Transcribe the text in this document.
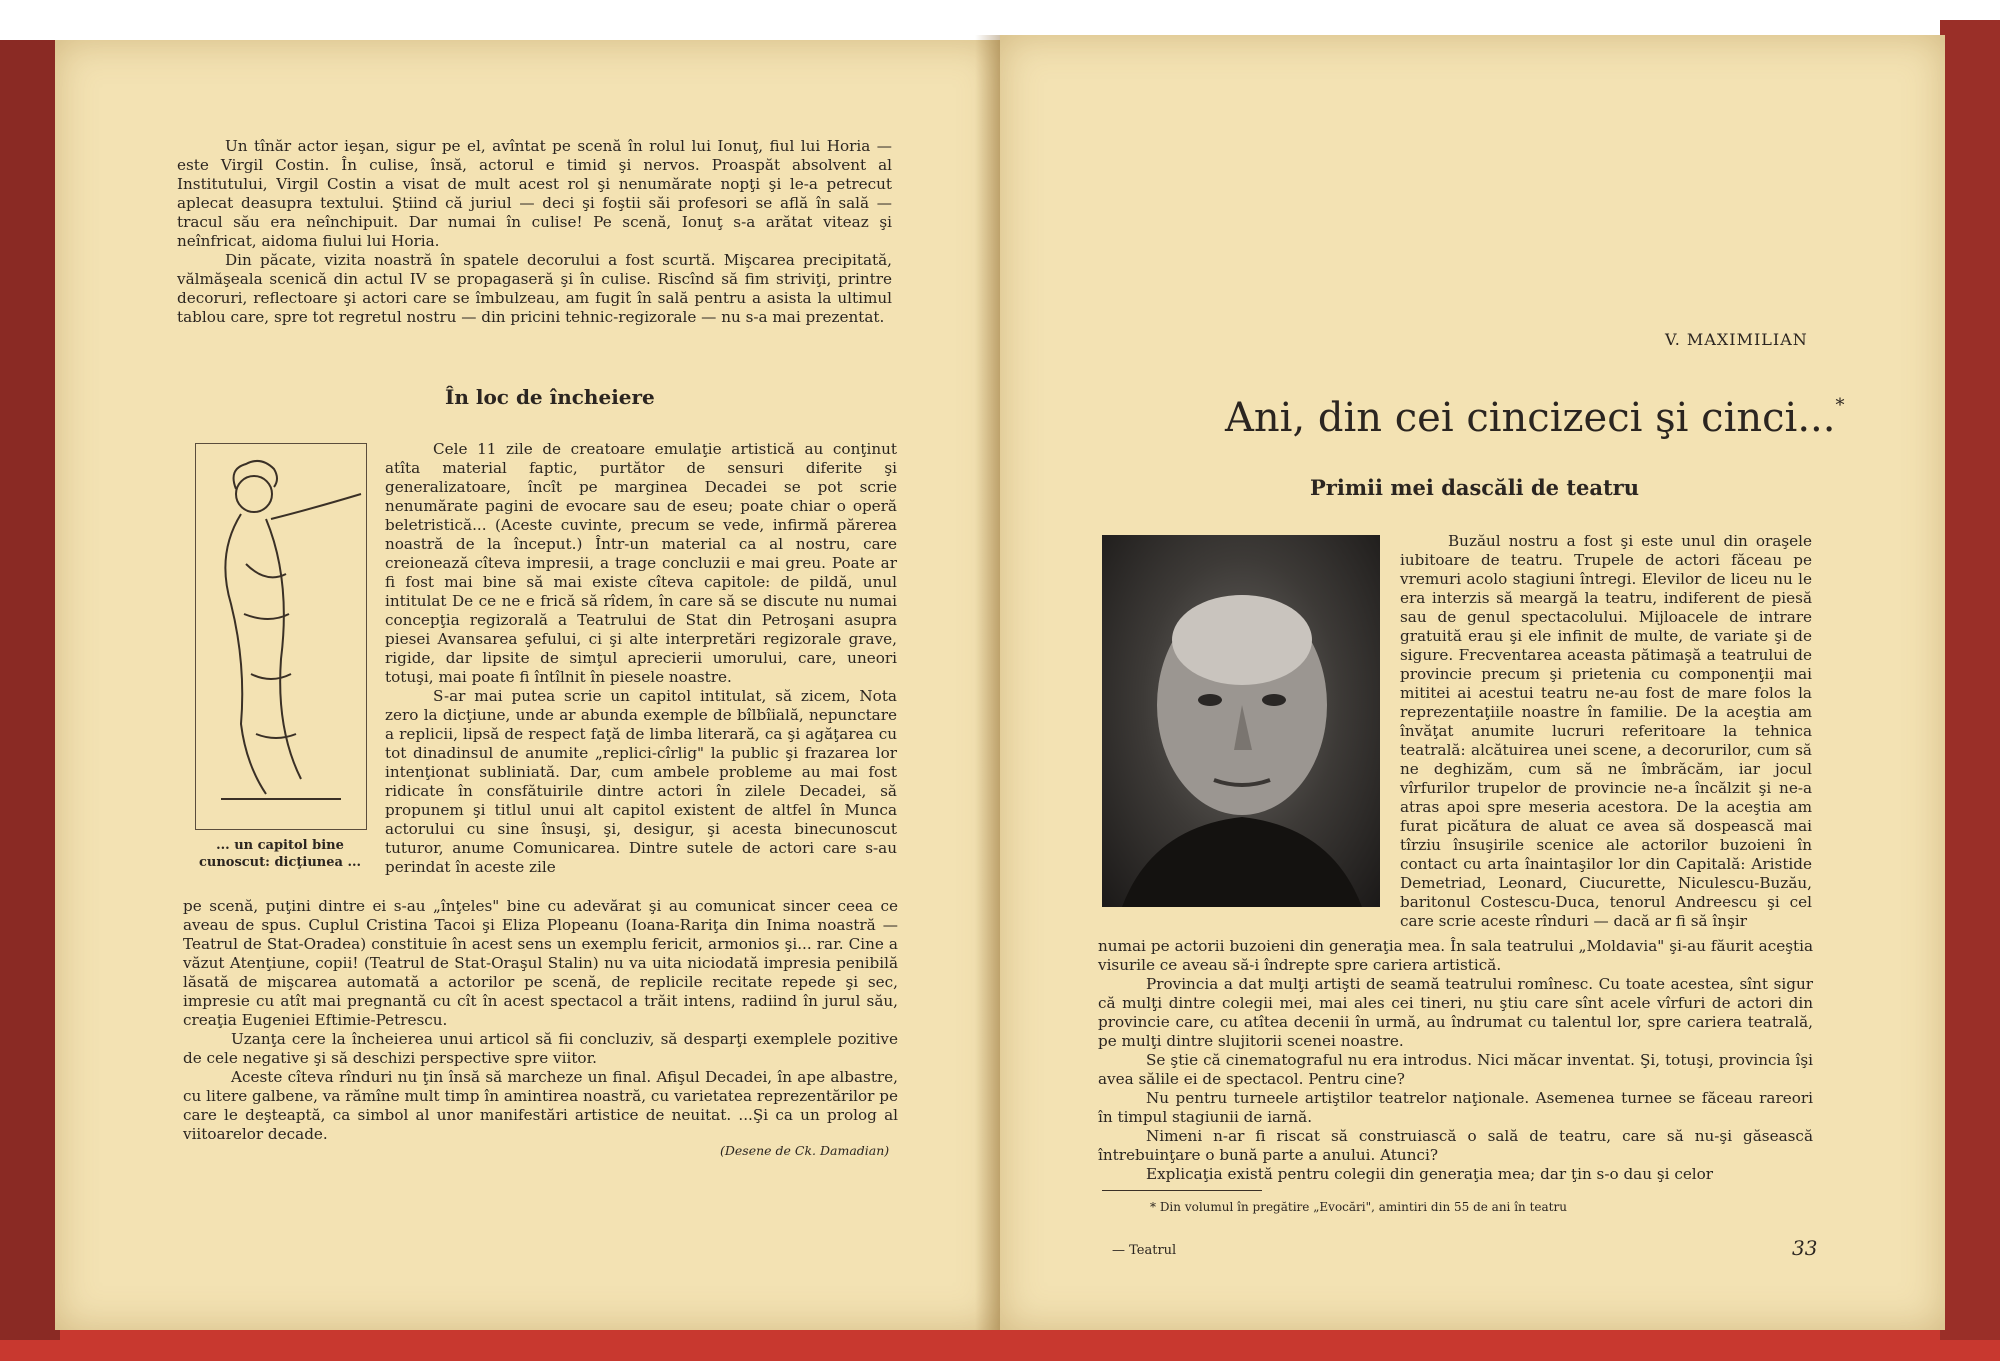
Un tînăr actor ieşan, sigur pe el, avîntat pe scenă în rolul lui Ionuţ, fiul lui Horia — este Virgil Costin. În culise, însă, actorul e timid şi nervos. Proaspăt absolvent al Institutului, Virgil Costin a visat de mult acest rol şi nenumărate nopţi şi le-a petrecut aplecat deasupra textului. Ştiind că juriul — deci şi foştii săi profesori se află în sală — tracul său era neînchipuit. Dar numai în culise! Pe scenă, Ionuţ s-a arătat viteaz şi neînfricat, aidoma fiului lui Horia.

Din păcate, vizita noastră în spatele decorului a fost scurtă. Mişcarea precipitată, vălmăşeala scenică din actul IV se propagaseră şi în culise. Riscînd să fim striviţi, printre decoruri, reflectoare şi actori care se îmbulzeau, am fugit în sală pentru a asista la ultimul tablou care, spre tot regretul nostru — din pricini tehnic-regizorale — nu s-a mai prezentat.

În loc de încheiere
... un capitol bine cunoscut: dicţiunea ...

Cele 11 zile de creatoare emulaţie artistică au conţinut atîta material faptic, purtător de sensuri diferite şi generalizatoare, încît pe marginea Decadei se pot scrie nenumărate pagini de evocare sau de eseu; poate chiar o operă beletristică... (Aceste cuvinte, precum se vede, infirmă părerea noastră de la început.) Într-un material ca al nostru, care creionează cîteva impresii, a trage concluzii e mai greu. Poate ar fi fost mai bine să mai existe cîteva capitole: de pildă, unul intitulat De ce ne e frică să rîdem, în care să se discute nu numai concepţia regizorală a Teatrului de Stat din Petroşani asupra piesei Avansarea şefului, ci şi alte interpretări regizorale grave, rigide, dar lipsite de simţul aprecierii umorului, care, uneori totuşi, mai poate fi întîlnit în piesele noastre.

S-ar mai putea scrie un capitol intitulat, să zicem, Nota zero la dicţiune, unde ar abunda exemple de bîlbîială, nepunctare a replicii, lipsă de respect faţă de limba literară, ca şi agăţarea cu tot dinadinsul de anumite „replici-cîrlig" la public şi frazarea lor intenţionat subliniată. Dar, cum ambele probleme au mai fost ridicate în consfătuirile dintre actori în zilele Decadei, să propunem şi titlul unui alt capitol existent de altfel în Munca actorului cu sine însuşi, şi, desigur, şi acesta binecunoscut tuturor, anume Comunicarea. Dintre sutele de actori care s-au perindat în aceste zile

pe scenă, puţini dintre ei s-au „înţeles" bine cu adevărat şi au comunicat sincer ceea ce aveau de spus. Cuplul Cristina Tacoi şi Eliza Plopeanu (Ioana-Rariţa din Inima noastră — Teatrul de Stat-Oradea) constituie în acest sens un exemplu fericit, armonios şi... rar. Cine a văzut Atenţiune, copii! (Teatrul de Stat-Oraşul Stalin) nu va uita niciodată impresia penibilă lăsată de mişcarea automată a actorilor pe scenă, de replicile recitate repede şi sec, impresie cu atît mai pregnantă cu cît în acest spectacol a trăit intens, radiind în jurul său, creaţia Eugeniei Eftimie-Petrescu.

Uzanţa cere la încheierea unui articol să fii concluziv, să desparţi exemplele pozitive de cele negative şi să deschizi perspective spre viitor.

Aceste cîteva rînduri nu ţin însă să marcheze un final. Afişul Decadei, în ape albastre, cu litere galbene, va rămîne mult timp în amintirea noastră, cu varietatea reprezentărilor pe care le deşteaptă, ca simbol al unor manifestări artistice de neuitat. ...Şi ca un prolog al viitoarelor decade.

(Desene de Ck. Damadian)
V. MAXIMILIAN
Ani, din cei cincizeci şi cinci...*
Primii mei dascăli de teatru

Buzăul nostru a fost şi este unul din oraşele iubitoare de teatru. Trupele de actori făceau pe vremuri acolo stagiuni întregi. Elevilor de liceu nu le era interzis să meargă la teatru, indiferent de piesă sau de genul spectacolului. Mijloacele de intrare gratuită erau şi ele infinit de multe, de variate şi de sigure. Frecventarea aceasta pătimaşă a teatrului de provincie precum şi prietenia cu componenţii mai mititei ai acestui teatru ne-au fost de mare folos la reprezentaţiile noastre în familie. De la aceştia am învăţat anumite lucruri referitoare la tehnica teatrală: alcătuirea unei scene, a decorurilor, cum să ne deghizăm, cum să ne îmbrăcăm, iar jocul vîrfurilor trupelor de provincie ne-a încălzit şi ne-a atras apoi spre meseria acestora. De la aceştia am furat picătura de aluat ce avea să dospească mai tîrziu însuşirile scenice ale actorilor buzoieni în contact cu arta înaintaşilor lor din Capitală: Aristide Demetriad, Leonard, Ciucurette, Niculescu-Buzău, baritonul Costescu-Duca, tenorul Andreescu şi cel care scrie aceste rînduri — dacă ar fi să înşir

numai pe actorii buzoieni din generaţia mea. În sala teatrului „Moldavia" şi-au făurit aceştia visurile ce aveau să-i îndrepte spre cariera artistică.

Provincia a dat mulţi artişti de seamă teatrului romînesc. Cu toate acestea, sînt sigur că mulţi dintre colegii mei, mai ales cei tineri, nu ştiu care sînt acele vîrfuri de actori din provincie care, cu atîtea decenii în urmă, au îndrumat cu talentul lor, spre cariera teatrală, pe mulţi dintre slujitorii scenei noastre.

Se ştie că cinematograful nu era introdus. Nici măcar inventat. Şi, totuşi, provincia îşi avea sălile ei de spectacol. Pentru cine?

Nu pentru turneele artiştilor teatrelor naţionale. Asemenea turnee se făceau rareori în timpul stagiunii de iarnă.

Nimeni n-ar fi riscat să construiască o sală de teatru, care să nu-şi găsească întrebuinţare o bună parte a anului. Atunci?

Explicaţia există pentru colegii din generaţia mea; dar ţin s-o dau şi celor

* Din volumul în pregătire „Evocări", amintiri din 55 de ani în teatru
— Teatrul	33
